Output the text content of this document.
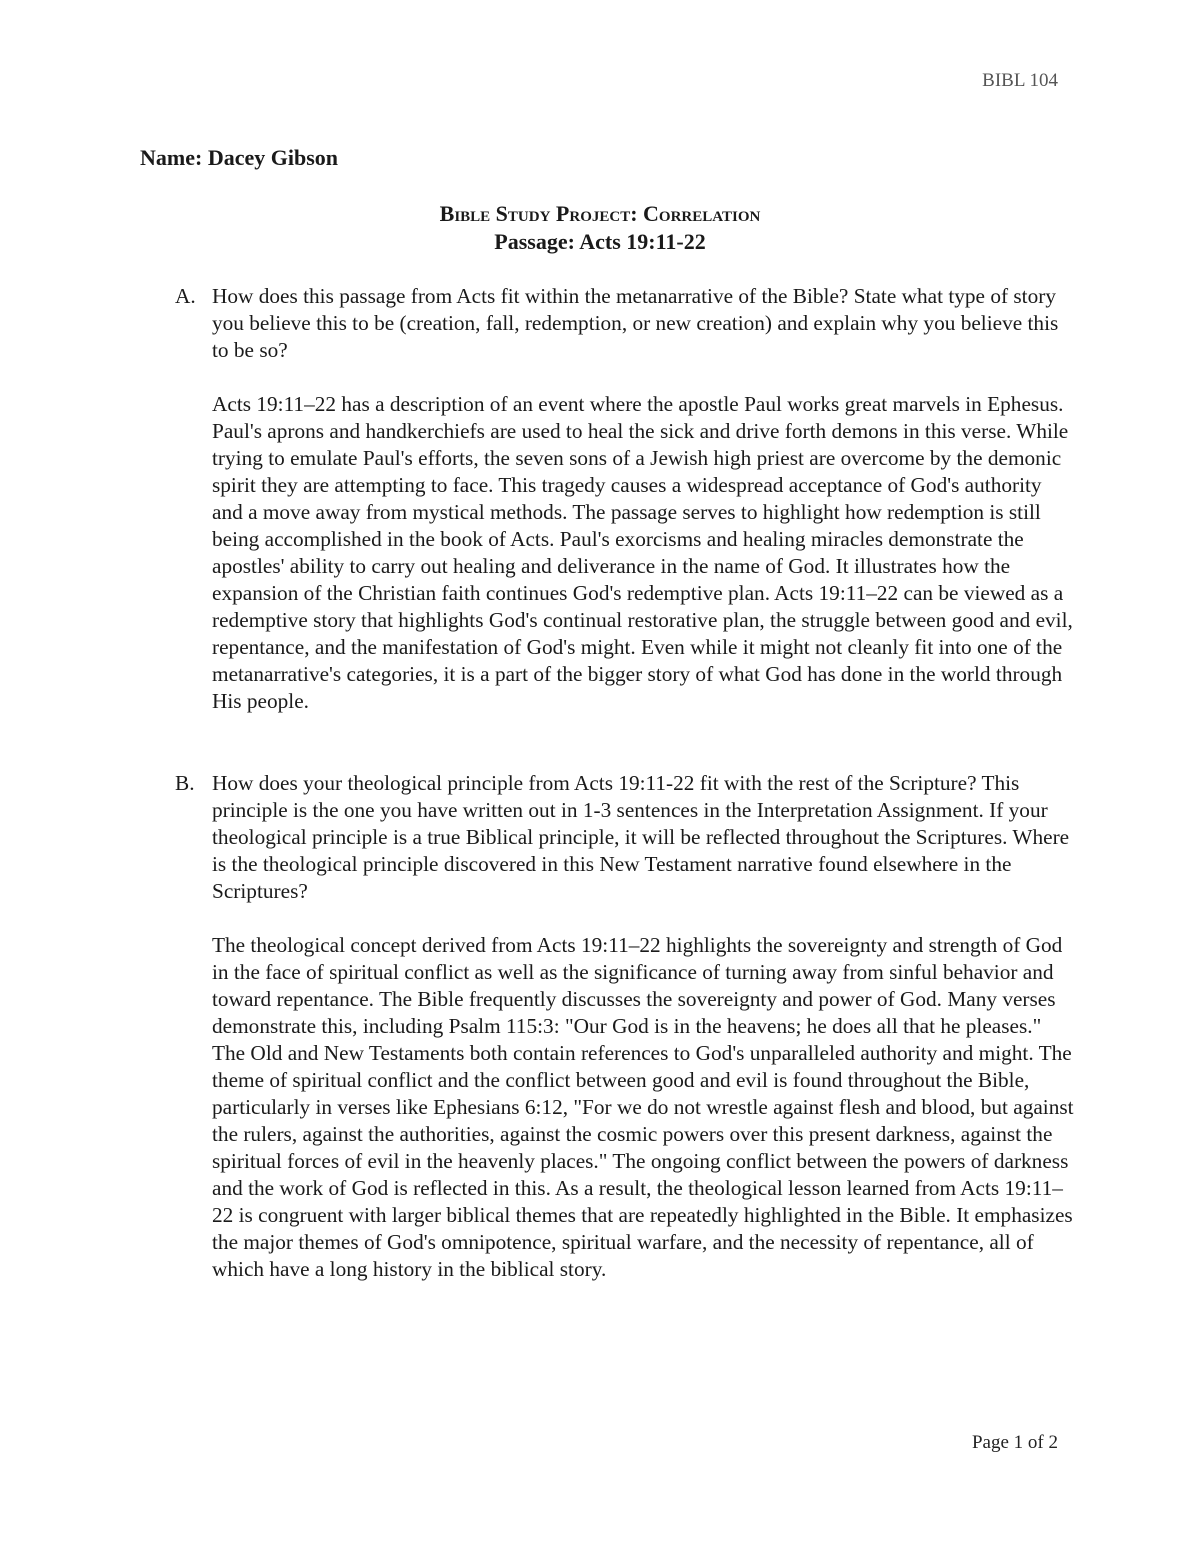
BIBL 104
Name: Dacey Gibson
Bible Study Project: Correlation
Passage: Acts 19:11-22
A. How does this passage from Acts fit within the metanarrative of the Bible? State what type of story you believe this to be (creation, fall, redemption, or new creation) and explain why you believe this to be so?
Acts 19:11–22 has a description of an event where the apostle Paul works great marvels in Ephesus. Paul's aprons and handkerchiefs are used to heal the sick and drive forth demons in this verse. While trying to emulate Paul's efforts, the seven sons of a Jewish high priest are overcome by the demonic spirit they are attempting to face. This tragedy causes a widespread acceptance of God's authority and a move away from mystical methods. The passage serves to highlight how redemption is still being accomplished in the book of Acts. Paul's exorcisms and healing miracles demonstrate the apostles' ability to carry out healing and deliverance in the name of God. It illustrates how the expansion of the Christian faith continues God's redemptive plan. Acts 19:11–22 can be viewed as a redemptive story that highlights God's continual restorative plan, the struggle between good and evil, repentance, and the manifestation of God's might. Even while it might not cleanly fit into one of the metanarrative's categories, it is a part of the bigger story of what God has done in the world through His people.
B. How does your theological principle from Acts 19:11-22 fit with the rest of the Scripture? This principle is the one you have written out in 1-3 sentences in the Interpretation Assignment. If your theological principle is a true Biblical principle, it will be reflected throughout the Scriptures. Where is the theological principle discovered in this New Testament narrative found elsewhere in the Scriptures?
The theological concept derived from Acts 19:11–22 highlights the sovereignty and strength of God in the face of spiritual conflict as well as the significance of turning away from sinful behavior and toward repentance. The Bible frequently discusses the sovereignty and power of God. Many verses demonstrate this, including Psalm 115:3: "Our God is in the heavens; he does all that he pleases." The Old and New Testaments both contain references to God's unparalleled authority and might. The theme of spiritual conflict and the conflict between good and evil is found throughout the Bible, particularly in verses like Ephesians 6:12, "For we do not wrestle against flesh and blood, but against the rulers, against the authorities, against the cosmic powers over this present darkness, against the spiritual forces of evil in the heavenly places." The ongoing conflict between the powers of darkness and the work of God is reflected in this. As a result, the theological lesson learned from Acts 19:11–22 is congruent with larger biblical themes that are repeatedly highlighted in the Bible. It emphasizes the major themes of God's omnipotence, spiritual warfare, and the necessity of repentance, all of which have a long history in the biblical story.
Page 1 of 2
